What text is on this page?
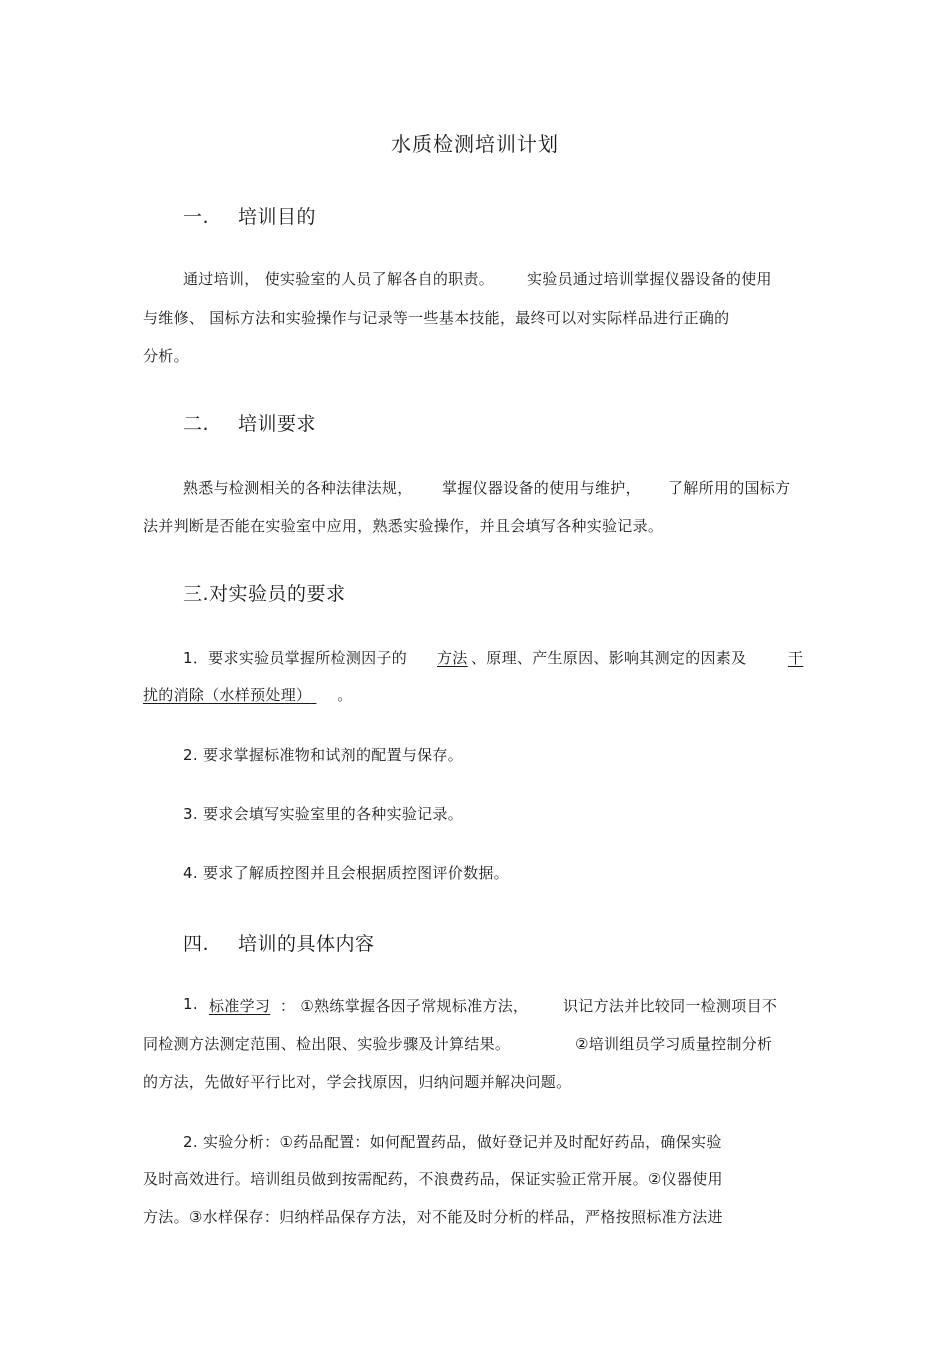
水质检测培训计划
一. 培训目的
通过培训， 使实验室的人员了解各自的职责。 实验员通过培训掌握仪器设备的使用
与维修、 国标方法和实验操作与记录等一些基本技能，最终可以对实际样品进行正确的
分析。
二. 培训要求
熟悉与检测相关的各种法律法规， 掌握仪器设备的使用与维护， 了解所用的国标方
法并判断是否能在实验室中应用，熟悉实验操作，并且会填写各种实验记录。
三.对实验员的要求
1．要求实验员掌握所检测因子的 方法 、原理、产生原因、影响其测定的因素及	干
扰的消除（水样预处理） 。
2. 要求掌握标准物和试剂的配置与保存。
3. 要求会填写实验室里的各种实验记录。
4. 要求了解质控图并且会根据质控图评价数据。
四. 培训的具体内容
1. 标准学习 ： ①熟练掌握各因子常规标准方法， 识记方法并比较同一检测项目不
同检测方法测定范围、检出限、实验步骤及计算结果。	②培训组员学习质量控制分析
的方法，先做好平行比对，学会找原因，归纳问题并解决问题。
2. 实验分析：①药品配置：如何配置药品，做好登记并及时配好药品，确保实验
及时高效进行。培训组员做到按需配药，不浪费药品，保证实验正常开展。②仪器使用
方法。③水样保存：归纳样品保存方法，对不能及时分析的样品，严格按照标准方法进
